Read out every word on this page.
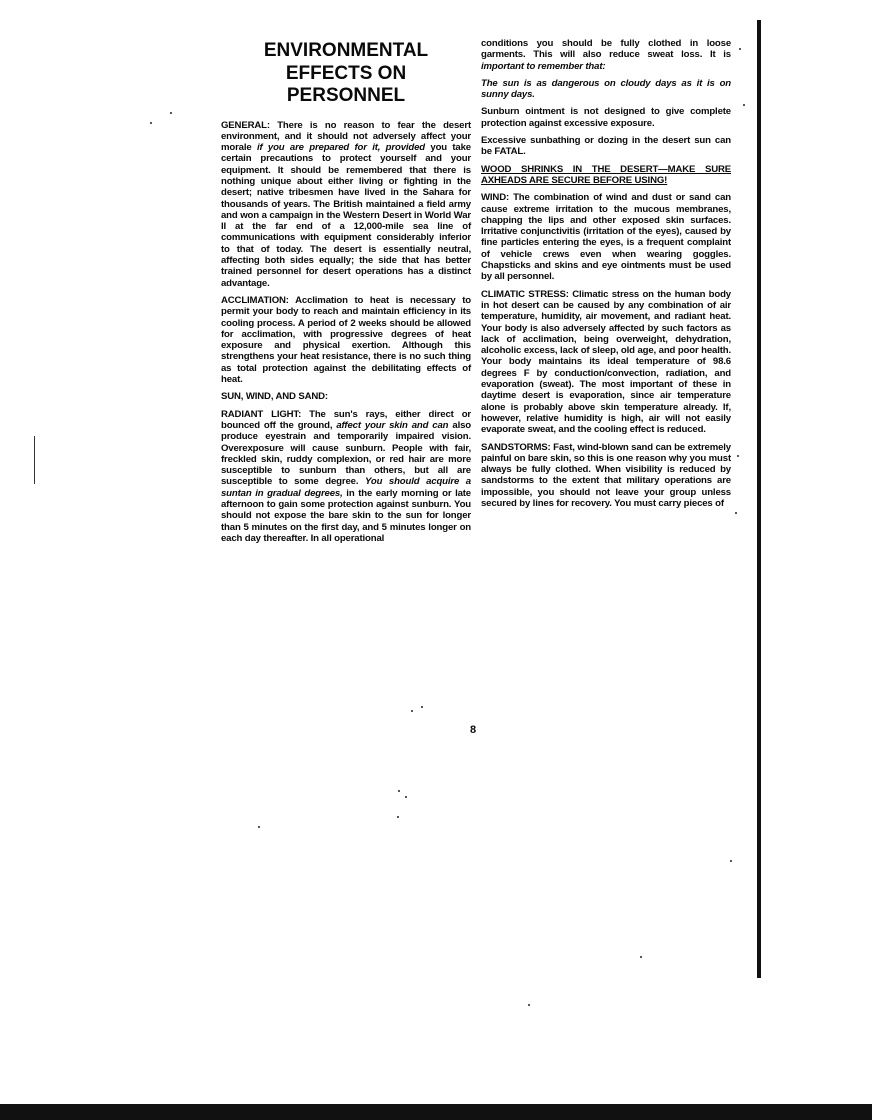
ENVIRONMENTAL
EFFECTS ON
PERSONNEL

GENERAL: There is no reason to fear the desert environment, and it should not adversely affect your morale if you are prepared for it, provided you take certain precautions to protect yourself and your equipment. It should be remembered that there is nothing unique about either living or fighting in the desert; native tribesmen have lived in the Sahara for thousands of years. The British maintained a field army and won a campaign in the Western Desert in World War II at the far end of a 12,000-mile sea line of communications with equipment considerably inferior to that of today. The desert is essentially neutral, affecting both sides equally; the side that has better trained personnel for desert operations has a distinct advantage.

ACCLIMATION: Acclimation to heat is necessary to permit your body to reach and maintain efficiency in its cooling process. A period of 2 weeks should be allowed for acclimation, with progressive degrees of heat exposure and physical exertion. Although this strengthens your heat resistance, there is no such thing as total protection against the debilitating effects of heat.

SUN, WIND, AND SAND:

RADIANT LIGHT: The sun's rays, either direct or bounced off the ground, affect your skin and can also produce eyestrain and temporarily impaired vision. Overexposure will cause sunburn. People with fair, freckled skin, ruddy complexion, or red hair are more susceptible to sunburn than others, but all are susceptible to some degree. You should acquire a suntan in gradual degrees, in the early morning or late afternoon to gain some protection against sunburn. You should not expose the bare skin to the sun for longer than 5 minutes on the first day, and 5 minutes longer on each day thereafter. In all operational

conditions you should be fully clothed in loose garments. This will also reduce sweat loss. It is important to remember that:

The sun is as dangerous on cloudy days as it is on sunny days.

Sunburn ointment is not designed to give complete protection against excessive exposure.

Excessive sunbathing or dozing in the desert sun can be FATAL.

WOOD SHRINKS IN THE DESERT—MAKE SURE AXHEADS ARE SECURE BEFORE USING!

WIND: The combination of wind and dust or sand can cause extreme irritation to the mucous membranes, chapping the lips and other exposed skin surfaces. Irritative conjunctivitis (irritation of the eyes), caused by fine particles entering the eyes, is a frequent complaint of vehicle crews even when wearing goggles. Chapsticks and skins and eye ointments must be used by all personnel.

CLIMATIC STRESS: Climatic stress on the human body in hot desert can be caused by any combination of air temperature, humidity, air movement, and radiant heat. Your body is also adversely affected by such factors as lack of acclimation, being overweight, dehydration, alcoholic excess, lack of sleep, old age, and poor health. Your body maintains its ideal temperature of 98.6 degrees F by conduction/convection, radiation, and evaporation (sweat). The most important of these in daytime desert is evaporation, since air temperature alone is probably above skin temperature already. If, however, relative humidity is high, air will not easily evaporate sweat, and the cooling effect is reduced.

SANDSTORMS: Fast, wind-blown sand can be extremely painful on bare skin, so this is one reason why you must always be fully clothed. When visibility is reduced by sandstorms to the extent that military operations are impossible, you should not leave your group unless secured by lines for recovery. You must carry pieces of

8
